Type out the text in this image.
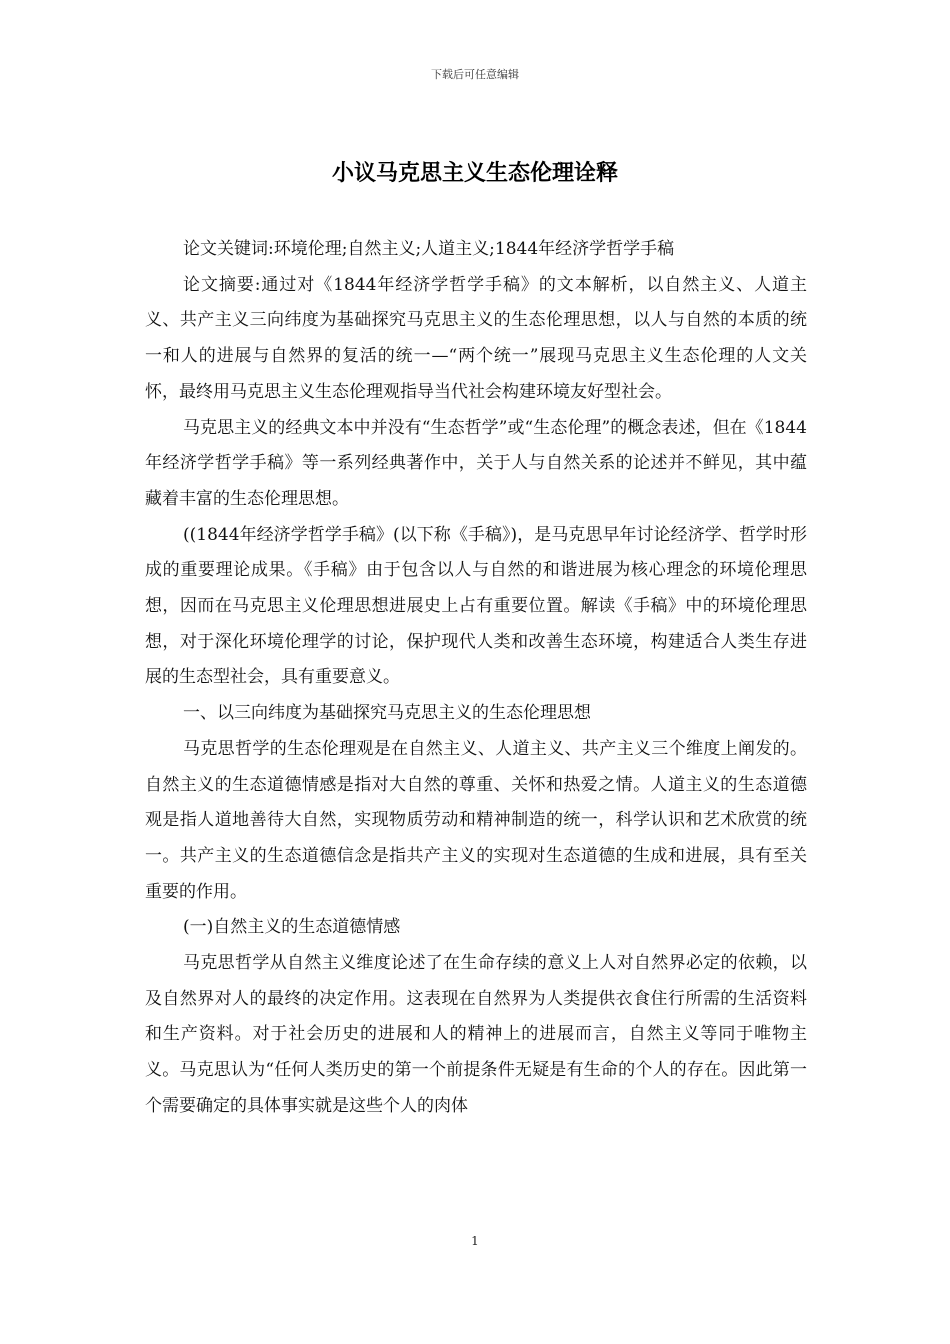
下载后可任意编辑
小议马克思主义生态伦理诠释

论文关键词:环境伦理;自然主义;人道主义;1844年经济学哲学手稿

论文摘要:通过对《1844年经济学哲学手稿》的文本解析，以自然主义、人道主义、共产主义三向纬度为基础探究马克思主义的生态伦理思想，以人与自然的本质的统一和人的进展与自然界的复活的统一—“两个统一”展现马克思主义生态伦理的人文关怀，最终用马克思主义生态伦理观指导当代社会构建环境友好型社会。

马克思主义的经典文本中并没有“生态哲学”或“生态伦理”的概念表述，但在《1844年经济学哲学手稿》等一系列经典著作中，关于人与自然关系的论述并不鲜见，其中蕴藏着丰富的生态伦理思想。

((1844年经济学哲学手稿》(以下称《手稿》)，是马克思早年讨论经济学、哲学时形成的重要理论成果。《手稿》由于包含以人与自然的和谐进展为核心理念的环境伦理思想，因而在马克思主义伦理思想进展史上占有重要位置。解读《手稿》中的环境伦理思想，对于深化环境伦理学的讨论，保护现代人类和改善生态环境，构建适合人类生存进展的生态型社会，具有重要意义。

一、以三向纬度为基础探究马克思主义的生态伦理思想

马克思哲学的生态伦理观是在自然主义、人道主义、共产主义三个维度上阐发的。自然主义的生态道德情感是指对大自然的尊重、关怀和热爱之情。人道主义的生态道德观是指人道地善待大自然，实现物质劳动和精神制造的统一，科学认识和艺术欣赏的统一。共产主义的生态道德信念是指共产主义的实现对生态道德的生成和进展，具有至关重要的作用。

(一)自然主义的生态道德情感

马克思哲学从自然主义维度论述了在生命存续的意义上人对自然界必定的依赖，以及自然界对人的最终的决定作用。这表现在自然界为人类提供衣食住行所需的生活资料和生产资料。对于社会历史的进展和人的精神上的进展而言，自然主义等同于唯物主义。马克思认为“任何人类历史的第一个前提条件无疑是有生命的个人的存在。因此第一个需要确定的具体事实就是这些个人的肉体

1
